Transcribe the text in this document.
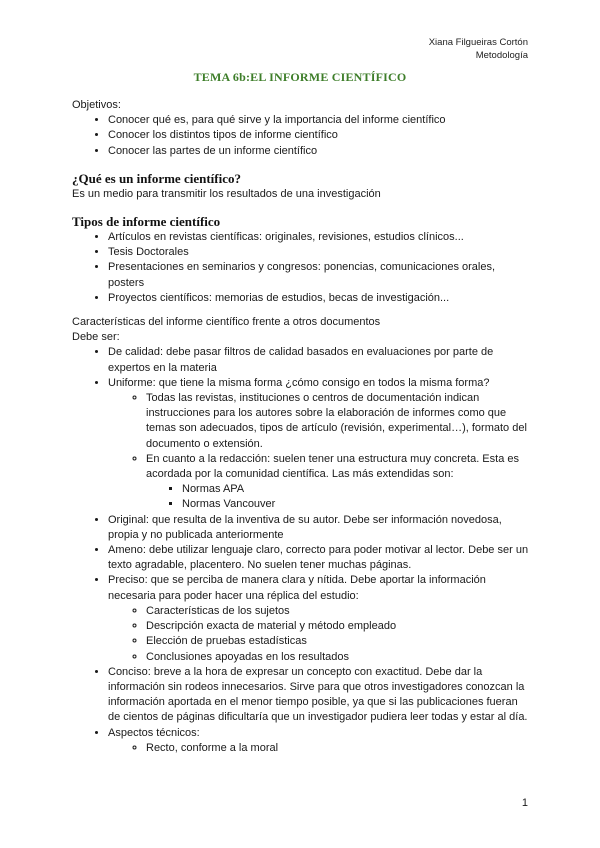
Xiana Filgueiras Cortón
Metodología
TEMA 6b:EL INFORME CIENTÍFICO

Objetivos:

• Conocer qué es, para qué sirve y la importancia del informe científico
• Conocer los distintos tipos de informe científico
• Conocer las partes de un informe científico

¿Qué es un informe científico?

Es un medio para transmitir los resultados de una investigación

Tipos de informe científico

• Artículos en revistas científicas: originales, revisiones, estudios clínicos...
• Tesis Doctorales
• Presentaciones en seminarios y congresos: ponencias, comunicaciones orales, posters
• Proyectos científicos: memorias de estudios, becas de investigación...

Características del informe científico frente a otros documentos

Debe ser:

• De calidad: debe pasar filtros de calidad basados en evaluaciones por parte de expertos en la materia
• Uniforme: que tiene la misma forma ¿cómo consigo en todos la misma forma?
◦ Todas las revistas, instituciones o centros de documentación indican instrucciones para los autores sobre la elaboración de informes como que temas son adecuados, tipos de artículo (revisión, experimental…), formato del documento o extensión.
◦ En cuanto a la redacción: suelen tener una estructura muy concreta. Esta es acordada por la comunidad científica. Las más extendidas son:
▪ Normas APA
▪ Normas Vancouver
• Original: que resulta de la inventiva de su autor. Debe ser información novedosa, propia y no publicada anteriormente
• Ameno: debe utilizar lenguaje claro, correcto para poder motivar al lector. Debe ser un texto agradable, placentero. No suelen tener muchas páginas.
• Preciso: que se perciba de manera clara y nítida. Debe aportar la información necesaria para poder hacer una réplica del estudio:
◦ Características de los sujetos
◦ Descripción exacta de material y método empleado
◦ Elección de pruebas estadísticas
◦ Conclusiones apoyadas en los resultados
• Conciso: breve a la hora de expresar un concepto con exactitud. Debe dar la información sin rodeos innecesarios. Sirve para que otros investigadores conozcan la información aportada en el menor tiempo posible, ya que si las publicaciones fueran de cientos de páginas dificultaría que un investigador pudiera leer todas y estar al día.
• Aspectos técnicos:
◦ Recto, conforme a la moral
1
